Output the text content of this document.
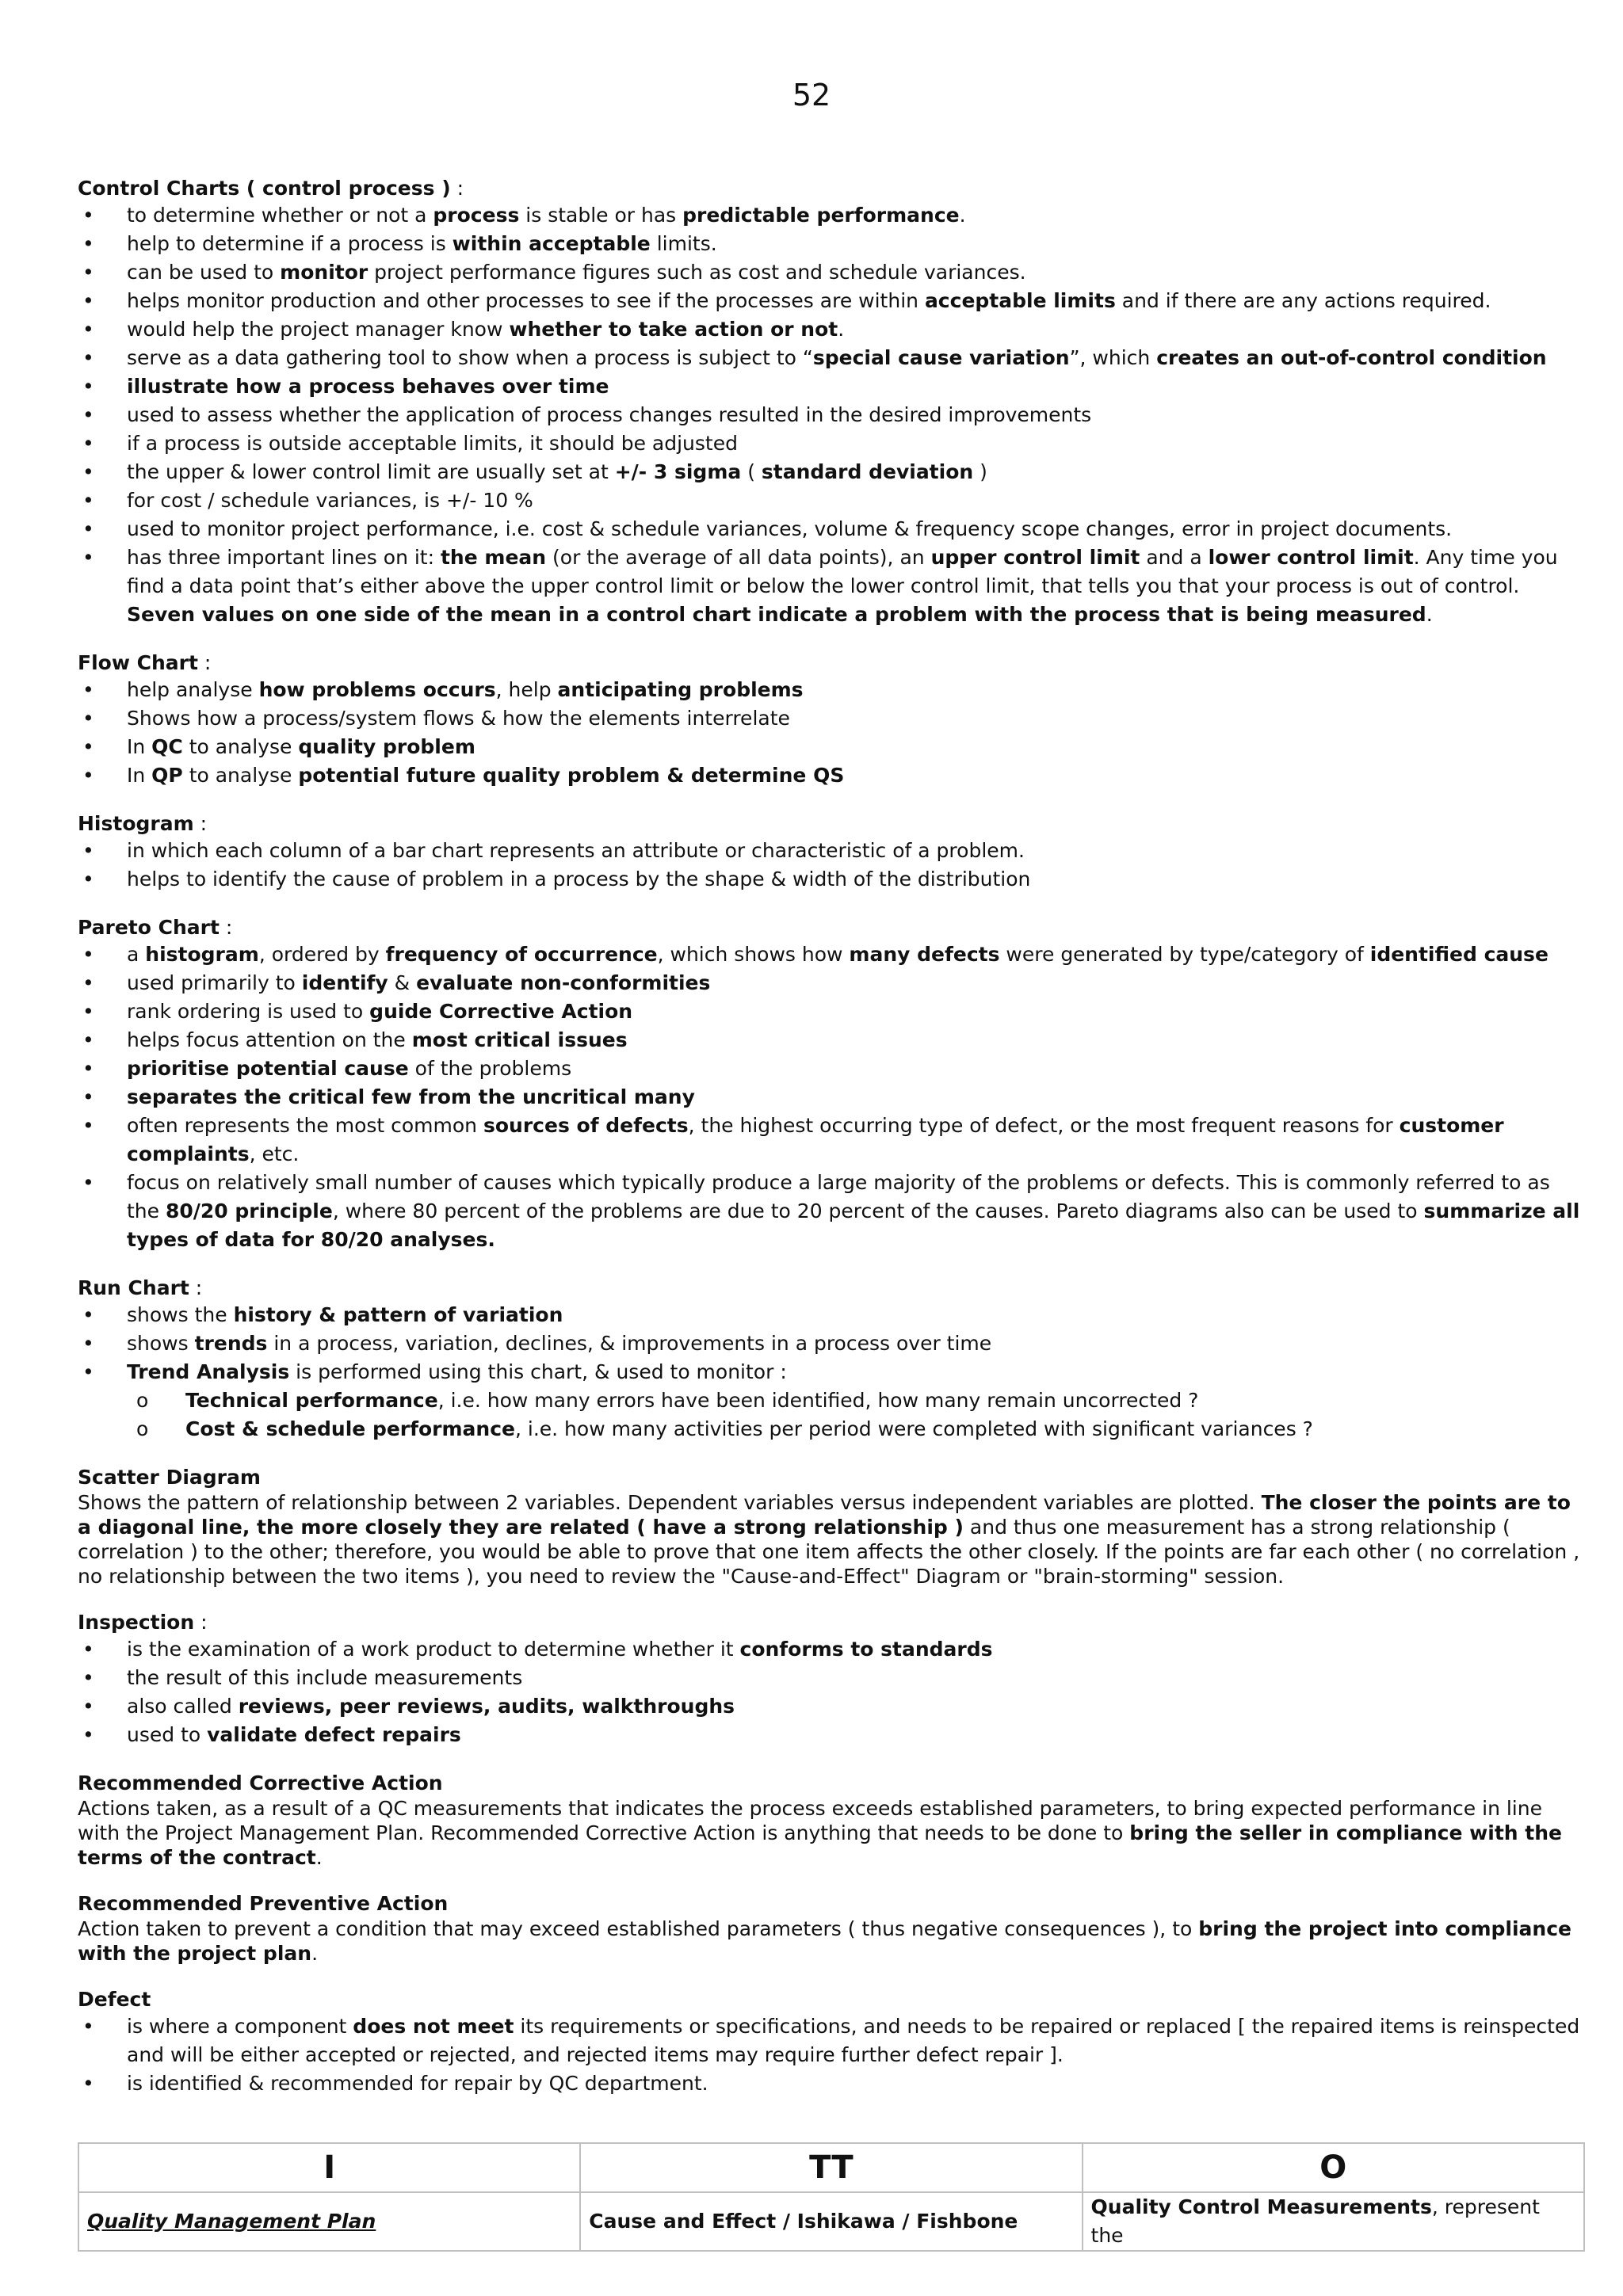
52
Control Charts ( control process ) :
• to determine whether or not a process is stable or has predictable performance.
• help to determine if a process is within acceptable limits.
• can be used to monitor project performance figures such as cost and schedule variances.
• helps monitor production and other processes to see if the processes are within acceptable limits and if there are any actions required.
• would help the project manager know whether to take action or not.
• serve as a data gathering tool to show when a process is subject to “special cause variation”, which creates an out-of-control condition
• illustrate how a process behaves over time
• used to assess whether the application of process changes resulted in the desired improvements
• if a process is outside acceptable limits, it should be adjusted
• the upper & lower control limit are usually set at +/- 3 sigma ( standard deviation )
• for cost / schedule variances, is +/- 10 %
• used to monitor project performance, i.e. cost & schedule variances, volume & frequency scope changes, error in project documents.
• has three important lines on it: the mean (or the average of all data points), an upper control limit and a lower control limit. Any time you find a data point that’s either above the upper control limit or below the lower control limit, that tells you that your process is out of control. Seven values on one side of the mean in a control chart indicate a problem with the process that is being measured.
Flow Chart :
• help analyse how problems occurs, help anticipating problems
• Shows how a process/system flows & how the elements interrelate
• In QC to analyse quality problem
• In QP to analyse potential future quality problem & determine QS
Histogram :
• in which each column of a bar chart represents an attribute or characteristic of a problem.
• helps to identify the cause of problem in a process by the shape & width of the distribution
Pareto Chart :
• a histogram, ordered by frequency of occurrence, which shows how many defects were generated by type/category of identified cause
• used primarily to identify & evaluate non-conformities
• rank ordering is used to guide Corrective Action
• helps focus attention on the most critical issues
• prioritise potential cause of the problems
• separates the critical few from the uncritical many
• often represents the most common sources of defects, the highest occurring type of defect, or the most frequent reasons for customer complaints, etc.
• focus on relatively small number of causes which typically produce a large majority of the problems or defects. This is commonly referred to as the 80/20 principle, where 80 percent of the problems are due to 20 percent of the causes. Pareto diagrams also can be used to summarize all types of data for 80/20 analyses.
Run Chart :
• shows the history & pattern of variation
• shows trends in a process, variation, declines, & improvements in a process over time
• Trend Analysis is performed using this chart, & used to monitor :
o Technical performance, i.e. how many errors have been identified, how many remain uncorrected ?
o Cost & schedule performance, i.e. how many activities per period were completed with significant variances ?
Scatter Diagram
Shows the pattern of relationship between 2 variables. Dependent variables versus independent variables are plotted. The closer the points are to a diagonal line, the more closely they are related ( have a strong relationship ) and thus one measurement has a strong relationship ( correlation ) to the other; therefore, you would be able to prove that one item affects the other closely. If the points are far each other ( no correlation , no relationship between the two items ), you need to review the "Cause-and-Effect" Diagram or "brain-storming" session.
Inspection :
• is the examination of a work product to determine whether it conforms to standards
• the result of this include measurements
• also called reviews, peer reviews, audits, walkthroughs
• used to validate defect repairs
Recommended Corrective Action
Actions taken, as a result of a QC measurements that indicates the process exceeds established parameters, to bring expected performance in line with the Project Management Plan. Recommended Corrective Action is anything that needs to be done to bring the seller in compliance with the terms of the contract.
Recommended Preventive Action
Action taken to prevent a condition that may exceed established parameters ( thus negative consequences ), to bring the project into compliance with the project plan.
Defect
• is where a component does not meet its requirements or specifications, and needs to be repaired or replaced [ the repaired items is reinspected and will be either accepted or rejected, and rejected items may require further defect repair ].
• is identified & recommended for repair by QC department.
I	TT	O
Quality Management Plan	Cause and Effect / Ishikawa / Fishbone	Quality Control Measurements, represent the
